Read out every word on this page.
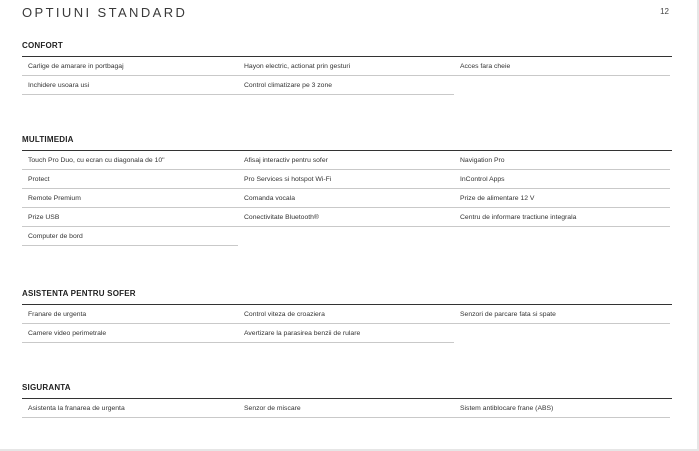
OPTIUNI STANDARD	12
CONFORT
Carlige de amarare in portbagaj	Hayon electric, actionat prin gesturi	Acces fara cheie
Inchidere usoara usi	Control climatizare pe 3 zone
MULTIMEDIA
Touch Pro Duo, cu ecran cu diagonala de 10"	Afisaj interactiv pentru sofer	Navigation Pro
Protect	Pro Services si hotspot Wi-Fi	InControl Apps
Remote Premium	Comanda vocala	Prize de alimentare 12 V
Prize USB	Conectivitate Bluetooth®	Centru de informare tractiune integrala
Computer de bord
ASISTENTA PENTRU SOFER
Franare de urgenta	Control viteza de croaziera	Senzori de parcare fata si spate
Camere video perimetrale	Avertizare la parasirea benzii de rulare
SIGURANTA
Asistenta la franarea de urgenta	Senzor de miscare	Sistem antiblocare frane (ABS)
